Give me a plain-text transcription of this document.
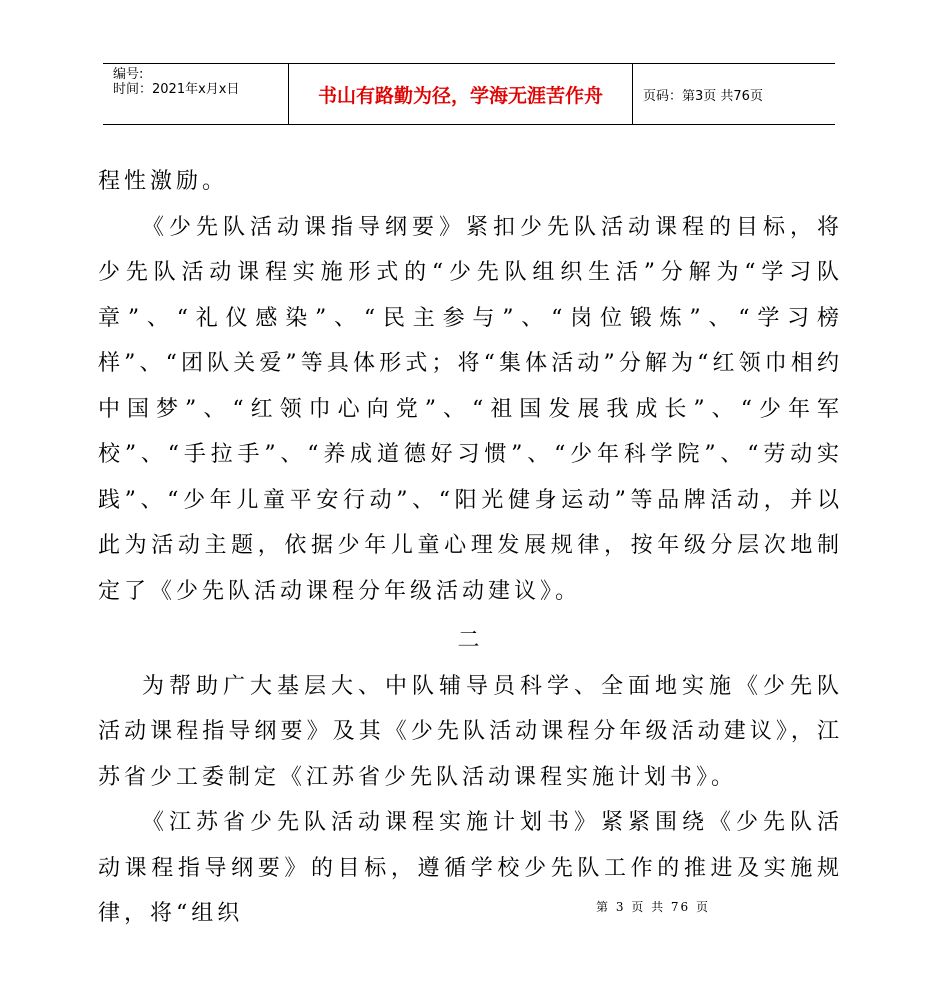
编号:
时间：2021年x月x日	书山有路勤为径，学海无涯苦作舟	页码：第3页 共76页

程性激励。

《少先队活动课指导纲要》紧扣少先队活动课程的目标，将少先队活动课程实施形式的“少先队组织生活”分解为“学习队章”、“礼仪感染”、“民主参与”、“岗位锻炼”、“学习榜样”、“团队关爱”等具体形式；将“集体活动”分解为“红领巾相约中国梦”、“红领巾心向党”、“祖国发展我成长”、“少年军校”、“手拉手”、“养成道德好习惯”、“少年科学院”、“劳动实践”、“少年儿童平安行动”、“阳光健身运动”等品牌活动，并以此为活动主题，依据少年儿童心理发展规律，按年级分层次地制定了《少先队活动课程分年级活动建议》。

二

为帮助广大基层大、中队辅导员科学、全面地实施《少先队活动课程指导纲要》及其《少先队活动课程分年级活动建议》，江苏省少工委制定《江苏省少先队活动课程实施计划书》。

《江苏省少先队活动课程实施计划书》紧紧围绕《少先队活动课程指导纲要》的目标，遵循学校少先队工作的推进及实施规律，将“组织	第 3 页 共 76 页
